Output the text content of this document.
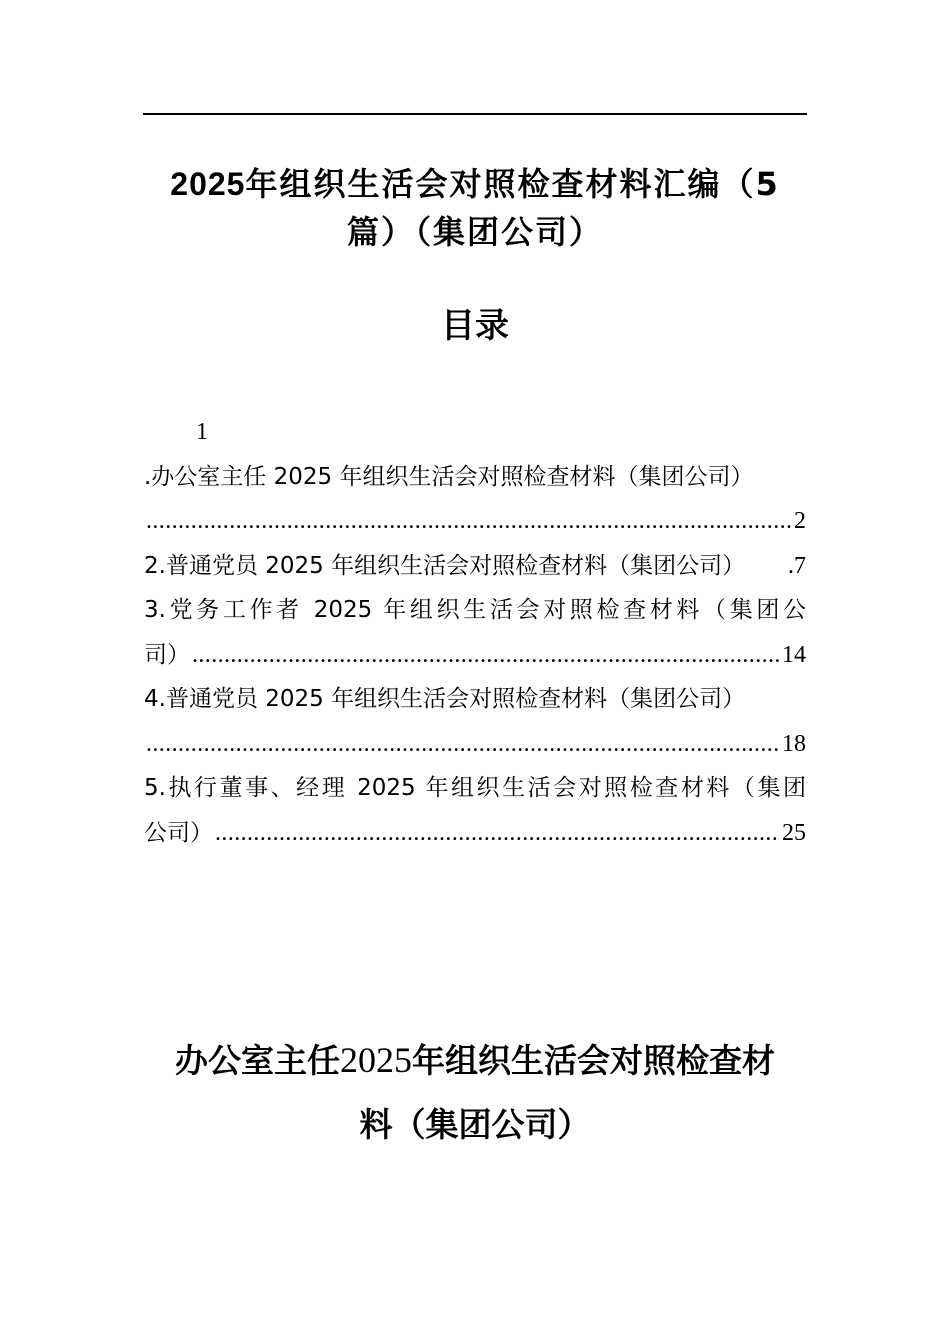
2025年组织生活会对照检查材料汇编（5
篇）（集团公司）
目录
1
.办公室主任 2025 年组织生活会对照检查材料（集团公司）
.....
2
2.普通党员 2025 年组织生活会对照检查材料（集团公司） .7
3.党务工作者 2025 年组织生活会对照检查材料（集团公
司） .....	14
4.普通党员 2025 年组织生活会对照检查材料（集团公司）
.....
18
5.执行董事、经理 2025 年组织生活会对照检查材料（集团
公司） .....	25
办公室主任2025年组织生活会对照检查材
料（集团公司）
